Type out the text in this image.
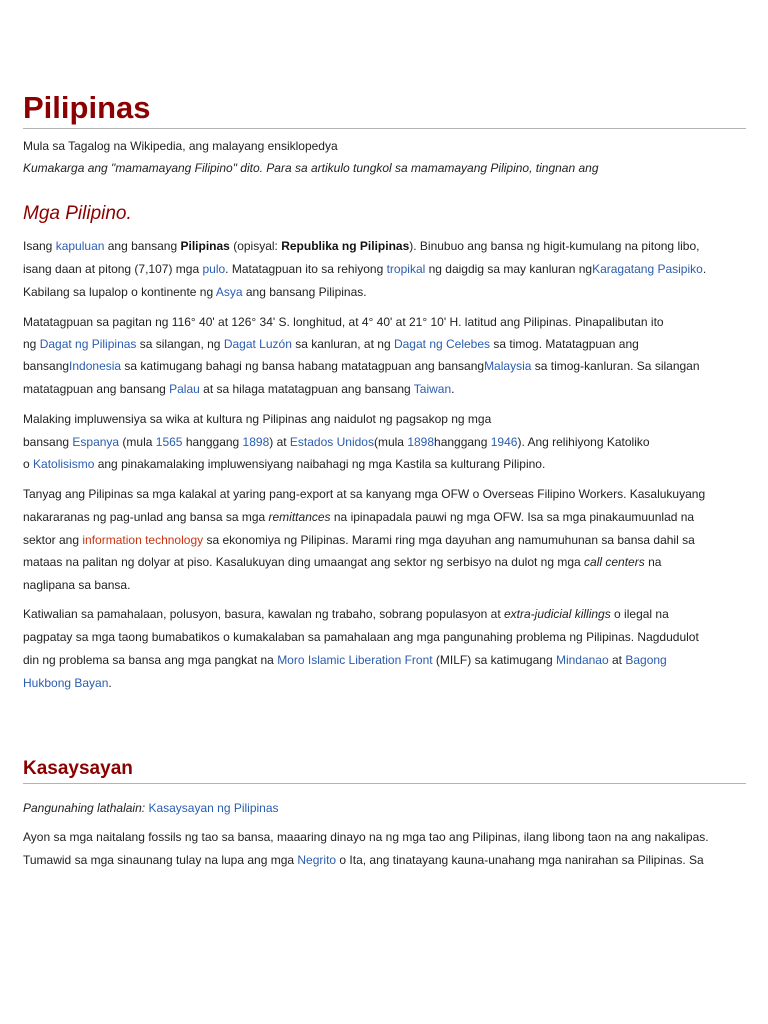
Pilipinas
Mula sa Tagalog na Wikipedia, ang malayang ensiklopedya
Kumakarga ang "mamamayang Filipino" dito. Para sa artikulo tungkol sa mamamayang Pilipino, tingnan ang
Mga Pilipino.
Isang kapuluan ang bansang Pilipinas (opisyal: Republika ng Pilipinas). Binubuo ang bansa ng higit-kumulang na pitong libo,
isang daan at pitong (7,107) mga pulo. Matatagpuan ito sa rehiyong tropikal ng daigdig sa may kanluran ngKaragatang Pasipiko.
Kabilang sa lupalop o kontinente ng Asya ang bansang Pilipinas.
Matatagpuan sa pagitan ng 116° 40' at 126° 34' S. longhitud, at 4° 40' at 21° 10' H. latitud ang Pilipinas. Pinapalibutan ito
ng Dagat ng Pilipinas sa silangan, ng Dagat Luzón sa kanluran, at ng Dagat ng Celebes sa timog. Matatagpuan ang
bansangIndonesia sa katimugang bahagi ng bansa habang matatagpuan ang bansangMalaysia sa timog-kanluran. Sa silangan
matatagpuan ang bansang Palau at sa hilaga matatagpuan ang bansang Taiwan.
Malaking impluwensiya sa wika at kultura ng Pilipinas ang naidulot ng pagsakop ng mga
bansang Espanya (mula 1565 hanggang 1898) at Estados Unidos(mula 1898hanggang 1946). Ang relihiyong Katoliko
o Katolisismo ang pinakamalaking impluwensiyang naibahagi ng mga Kastila sa kulturang Pilipino.
Tanyag ang Pilipinas sa mga kalakal at yaring pang-export at sa kanyang mga OFW o Overseas Filipino Workers. Kasalukuyang
nakararanas ng pag-unlad ang bansa sa mga remittances na ipinapadala pauwi ng mga OFW. Isa sa mga pinakaumuunlad na
sektor ang information technology sa ekonomiya ng Pilipinas. Marami ring mga dayuhan ang namumuhunan sa bansa dahil sa
mataas na palitan ng dolyar at piso. Kasalukuyan ding umaangat ang sektor ng serbisyo na dulot ng mga call centers na
naglipana sa bansa.
Katiwalian sa pamahalaan, polusyon, basura, kawalan ng trabaho, sobrang populasyon at extra-judicial killings o ilegal na
pagpatay sa mga taong bumabatikos o kumakalaban sa pamahalaan ang mga pangunahing problema ng Pilipinas. Nagdudulot
din ng problema sa bansa ang mga pangkat na Moro Islamic Liberation Front (MILF) sa katimugang Mindanao at Bagong
Hukbong Bayan.
Kasaysayan
Pangunahing lathalain: Kasaysayan ng Pilipinas
Ayon sa mga naitalang fossils ng tao sa bansa, maaaring dinayo na ng mga tao ang Pilipinas, ilang libong taon na ang nakalipas.
Tumawid sa mga sinaunang tulay na lupa ang mga Negrito o Ita, ang tinatayang kauna-unahang mga nanirahan sa Pilipinas. Sa
